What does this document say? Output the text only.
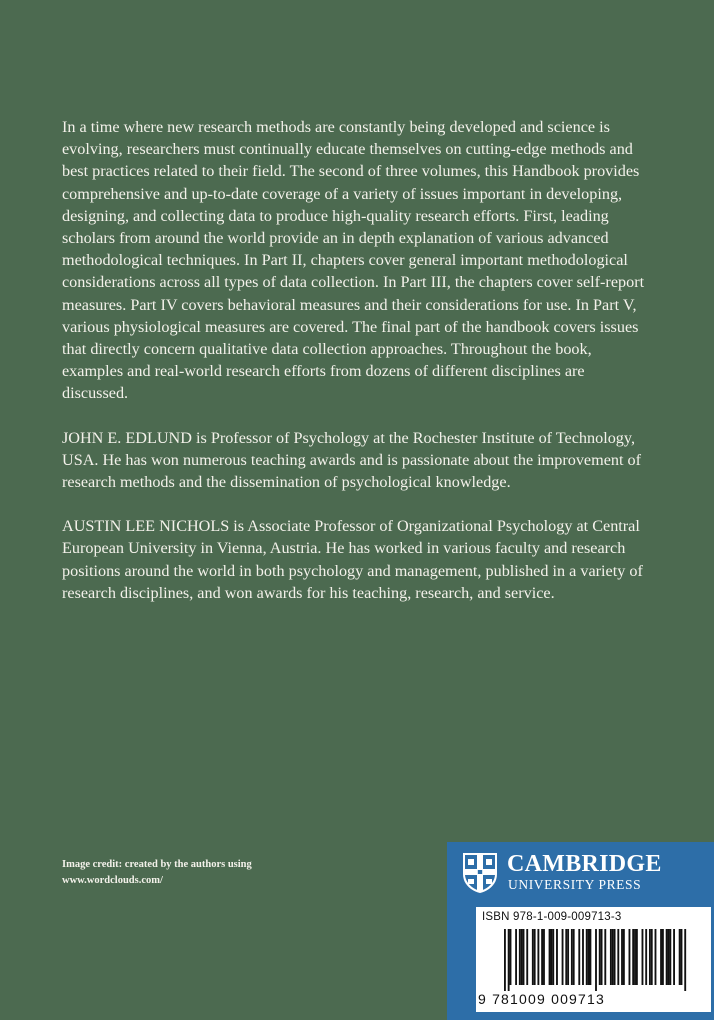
In a time where new research methods are constantly being developed and science is evolving, researchers must continually educate themselves on cutting-edge methods and best practices related to their field. The second of three volumes, this Handbook provides comprehensive and up-to-date coverage of a variety of issues important in developing, designing, and collecting data to produce high-quality research efforts. First, leading scholars from around the world provide an in depth explanation of various advanced methodological techniques. In Part II, chapters cover general important methodological considerations across all types of data collection. In Part III, the chapters cover self-report measures. Part IV covers behavioral measures and their considerations for use. In Part V, various physiological measures are covered. The final part of the handbook covers issues that directly concern qualitative data collection approaches. Throughout the book, examples and real-world research efforts from dozens of different disciplines are discussed.

JOHN E. EDLUND is Professor of Psychology at the Rochester Institute of Technology, USA. He has won numerous teaching awards and is passionate about the improvement of research methods and the dissemination of psychological knowledge.

AUSTIN LEE NICHOLS is Associate Professor of Organizational Psychology at Central European University in Vienna, Austria. He has worked in various faculty and research positions around the world in both psychology and management, published in a variety of research disciplines, and won awards for his teaching, research, and service.

Image credit: created by the authors using
www.wordclouds.com/
CAMBRIDGE
UNIVERSITY PRESS
ISBN 978-1-009-009713-3
9 781009 009713
